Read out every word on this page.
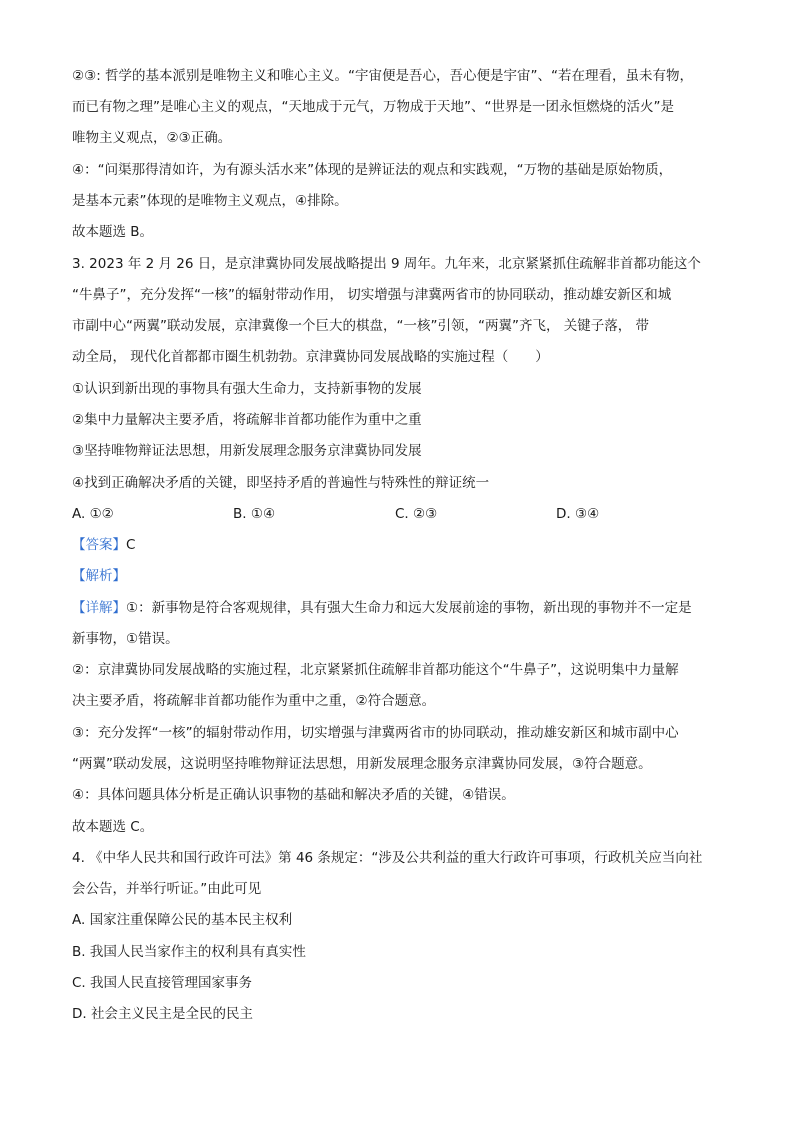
②③: 哲学的基本派别是唯物主义和唯心主义。“宇宙便是吾心，吾心便是宇宙”、“若在理看，虽未有物，
而已有物之理”是唯心主义的观点，“天地成于元气，万物成于天地”、“世界是一团永恒燃烧的活火”是
唯物主义观点，②③正确。
④：“问渠那得清如许，为有源头活水来”体现的是辨证法的观点和实践观，“万物的基础是原始物质，
是基本元素”体现的是唯物主义观点，④排除。
故本题选 B。
3. 2023 年 2 月 26 日，是京津冀协同发展战略提出 9 周年。九年来，北京紧紧抓住疏解非首都功能这个
“牛鼻子”，充分发挥“一核”的辐射带动作用， 切实增强与津冀两省市的协同联动，推动雄安新区和城
市副中心“两翼”联动发展，京津冀像一个巨大的棋盘，“一核”引领，“两翼”齐飞， 关键子落， 带
动全局， 现代化首都都市圈生机勃勃。京津冀协同发展战略的实施过程（　　）
①认识到新出现的事物具有强大生命力，支持新事物的发展
②集中力量解决主要矛盾，将疏解非首都功能作为重中之重
③坚持唯物辩证法思想，用新发展理念服务京津冀协同发展
④找到正确解决矛盾的关键，即坚持矛盾的普遍性与特殊性的辩证统一
A. ①②	B. ①④	C. ②③	D. ③④
【答案】C
【解析】
【详解】①：新事物是符合客观规律，具有强大生命力和远大发展前途的事物，新出现的事物并不一定是
新事物，①错误。
②：京津冀协同发展战略的实施过程，北京紧紧抓住疏解非首都功能这个“牛鼻子”，这说明集中力量解
决主要矛盾，将疏解非首都功能作为重中之重，②符合题意。
③：充分发挥“一核”的辐射带动作用，切实增强与津冀两省市的协同联动，推动雄安新区和城市副中心
“两翼”联动发展，这说明坚持唯物辩证法思想，用新发展理念服务京津冀协同发展，③符合题意。
④：具体问题具体分析是正确认识事物的基础和解决矛盾的关键，④错误。
故本题选 C。
4. 《中华人民共和国行政许可法》第 46 条规定：“涉及公共利益的重大行政许可事项，行政机关应当向社
会公告，并举行听证。”由此可见
A. 国家注重保障公民的基本民主权利
B. 我国人民当家作主的权利具有真实性
C. 我国人民直接管理国家事务
D. 社会主义民主是全民的民主
